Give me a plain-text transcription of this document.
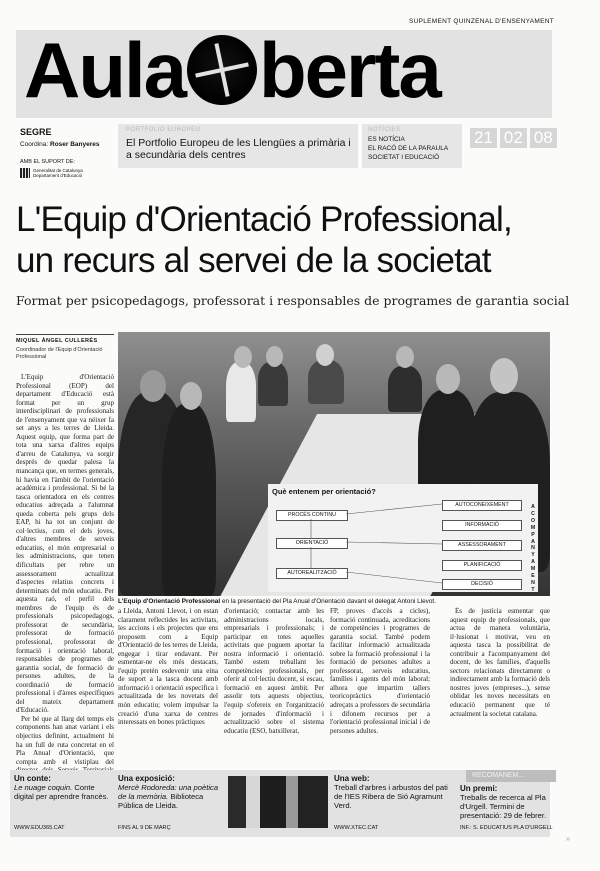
SUPLEMENT QUINZENAL D'ENSENYAMENT
Aula berta
SEGRE
Coordina: Roser Banyeres
AMB EL SUPORT DE:
Generalitat de Catalunya
Departament d'Educació
PORTFOLIO EUROPEU
El Portfolio Europeu de les Llengües a primària i a secundària dels centres
NOTÍCIES
ES NOTÍCIA
EL RACÓ DE LA PARAULA
SOCIETAT I EDUCACIÓ
21 02 08
L'Equip d'Orientació Professional,
un recurs al servei de la societat
Format per psicopedagogs, professorat i responsables de programes de garantia social
MIQUEL ÀNGEL CULLERÉS
Coordinador de l'Equip d'Orientació Professional

L'Equip d'Orientació Professional (EOP) del departament d'Educació està format per un grup interdisciplinari de professionals de l'ensenyament que va néixer fa set anys a les terres de Lleida. Aquest equip, que forma part de tota una xarxa d'altres equips d'arreu de Catalunya, va sorgir després de quedar palesa la mancança que, en termes generals, hi havia en l'àmbit de l'orientació acadèmica i professional. Si bé la tasca orientadora en els centres educatius adreçada a l'alumnat queda coberta pels grups dels EAP, hi ha tot un conjunt de col·lectius, com el dels joves, d'altres membres de serveis educatius, el món empresarial o les administracions, que tenen dificultats per rebre un assessorament actualitzat d'aspectes relatius concrets i determinats del món educatiu. Per aquesta raó, el perfil dels membres de l'equip és de professionals psicopedagogs, professorat de secundària, professorat de formació professional, professorat de formació i orientació laboral, responsables de programes de garantia social, de formació de persones adultes, de la coordinació de formació professional i d'àrees específiques del mateix departament d'Educació.

Per bé que al llarg del temps els components han anat variant i els objectius definint, actualment hi ha un full de ruta concretat en el Pla Anual d'Orientació, que compta amb el vistiplau del

Què entenem per orientació?
PROCÉS CONTINU
ORIENTACIÓ
AUTOREALITZACIÓ
AUTOCONEIXEMENT
INFORMACIÓ
ASSESSORAMENT
PLANIFICACIÓ
DECISIÓ
A
C
O
M
P
A
N
Y
A
M
E
N
T
L'Equip d'Orientació Professional en la presentació del Pla Anual d'Orientació davant el delegat Antoni Llevot.

a Lleida, Antoni Llevot, i on estan clarament reflectides les activitats, les accions i els projectes que ens proposem com a Equip d'Orientació de les terres de Lleida, engegar i tirar endavant. Per esmentar-ne els més destacats, l'equip pretén esdevenir una eina de suport a la tasca docent amb informació i orientació específica i actualitzada de les novetats del món educatiu; volem impulsar la creació d'una xarxa de centres interessats en bones pràctiques

d'orientació; contactar amb les administracions locals, empresarials i professionals; i participar en totes aquelles activitats que puguem aportar la nostra informació i orientació. També estem treballant les competències professionals, per oferir al col·lectiu docent, si escau, formació en aquest àmbit. Per assolir tots aquests objectius, l'equip s'ofereix en l'organització de jornades d'informació i actualització sobre el sistema educatiu (ESO, batxillerat,

FP, proves d'accés a cicles), formació continuada, acreditacions de competències i programes de garantia social. També podem facilitar informació actualitzada sobre la formació professional i la formació de persones adultes a professorat, serveis educatius, famílies i agents del món laboral; alhora que impartim tallers teoricopràctics d'orientació adreçats a professors de secundària i difonem recursos per a l'orientació professional inicial i de persones adultes.

És de justícia esmentar que aquest equip de professionals, que actua de manera voluntària, il·lusionat i motivat, veu en aquesta tasca la possibilitat de contribuir a l'acompanyament del docent, de les famílies, d'aquells sectors relacionats directament o indirectament amb la formació dels nostres joves (empreses...), sense oblidar les noves necessitats en educació permanent que té actualment la societat catalana.

RECOMANEM...
Un conte:
Le nuage coquin. Conte digital per aprendre francès.
WWW.EDU365.CAT
Una exposició:
Mercè Rodoreda: una poètica de la memòria. Biblioteca Pública de Lleida.
FINS AL 9 DE MARÇ
Una web:
Treball d'arbres i arbustos del pati de l'IES Ribera de Sió Agramunt Verd.
WWW.XTEC.CAT
Un premi:
Treballs de recerca al Pla d'Urgell. Termini de presentació: 29 de febrer.
INF.: S. EDUCATIUS PLA D'URGELL
»
